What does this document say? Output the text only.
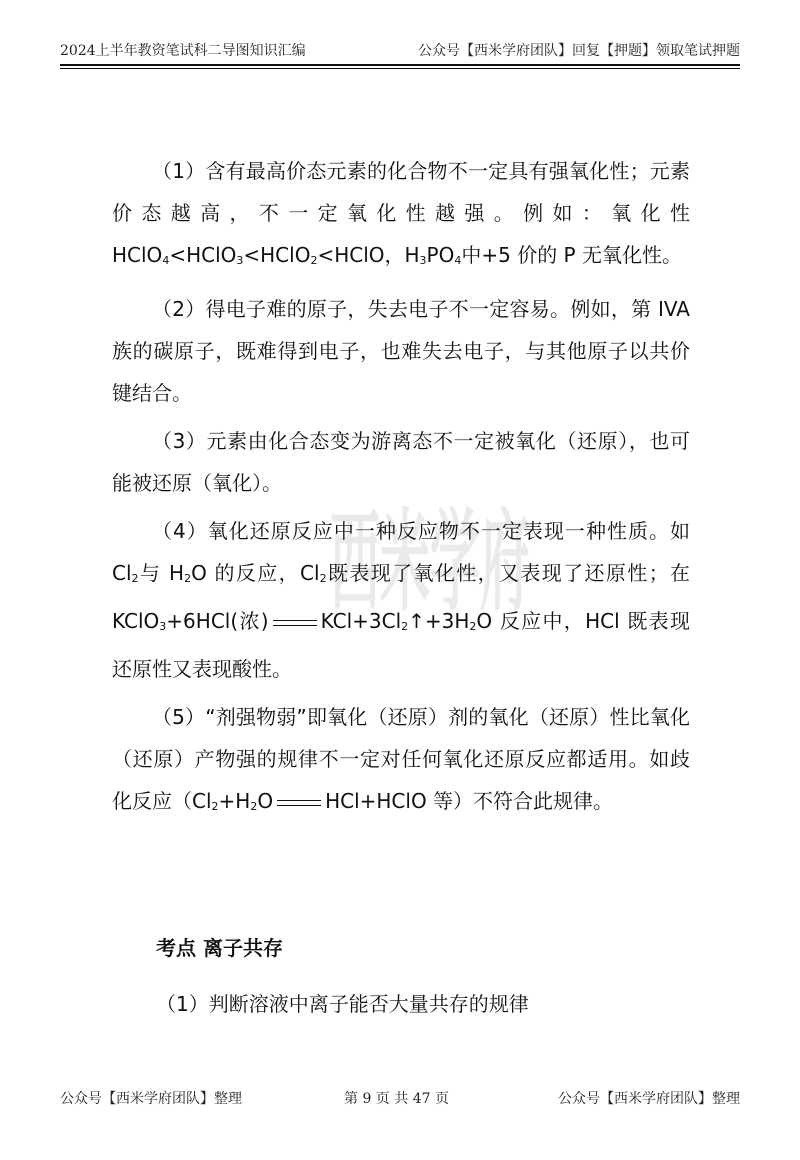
2024上半年教资笔试科二导图知识汇编	公众号【西米学府团队】回复【押题】领取笔试押题
西米学府

（1）含有最高价态元素的化合物不一定具有强氧化性；元素价态越高，不一定氧化性越强。例如：氧化性 HClO$_4$<HClO$_3$<HClO$_2$<HClO，$H_3PO_4$中+5 价的 P 无氧化性。

（2）得电子难的原子，失去电子不一定容易。例如，第 IVA 族的碳原子，既难得到电子，也难失去电子，与其他原子以共价键结合。

（3）元素由化合态变为游离态不一定被氧化（还原），也可能被还原（氧化）。

（4）氧化还原反应中一种反应物不一定表现一种性质。如 $Cl_2$与 $H_2O$ 的反应，$Cl_2$既表现了氧化性，又表现了还原性；在 KClO$_3$+6HCl(浓)	$KCl+3Cl_2↑+3H_2O$ 反应中，HCl 既表现还原性又表现酸性。

（5）“剂强物弱”即氧化（还原）剂的氧化（还原）性比氧化（还原）产物强的规律不一定对任何氧化还原反应都适用。如歧化反应（$Cl_2+H_2O$	HCl+HClO 等）不符合此规律。

考点 离子共存
（1）判断溶液中离子能否大量共存的规律
公众号【西米学府团队】整理	第 9 页 共 47 页	公众号【西米学府团队】整理
